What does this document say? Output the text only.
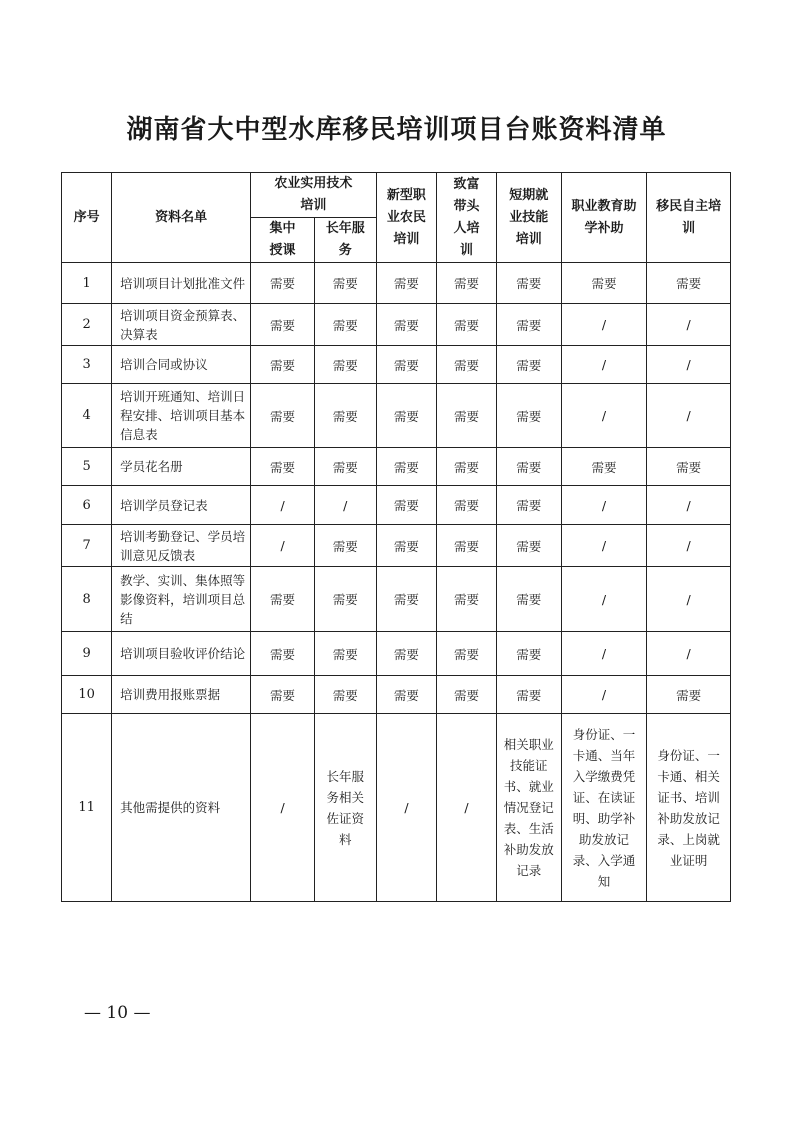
湖南省大中型水库移民培训项目台账资料清单
序号	资料名单	农业实用技术培训		新型职业农民培训	致富带头人培训	短期就业技能培训	职业教育助学补助	移民自主培训
		集中授课	长年服务					
1	培训项目计划批准文件	需要	需要	需要	需要	需要	需要	需要
2	培训项目资金预算表、决算表	需要	需要	需要	需要	需要	/	/
3	培训合同或协议	需要	需要	需要	需要	需要	/	/
4	培训开班通知、培训日程安排、培训项目基本信息表	需要	需要	需要	需要	需要	/	/
5	学员花名册	需要	需要	需要	需要	需要	需要	需要
6	培训学员登记表	/	/	需要	需要	需要	/	/
7	培训考勤登记、学员培训意见反馈表	/	需要	需要	需要	需要	/	/
8	教学、实训、集体照等影像资料，培训项目总结	需要	需要	需要	需要	需要	/	/
9	培训项目验收评价结论	需要	需要	需要	需要	需要	/	/
10	培训费用报账票据	需要	需要	需要	需要	需要	/	需要
11	其他需提供的资料	/	长年服务相关佐证资料	/	/	相关职业技能证书、就业情况登记表、生活补助发放记录	身份证、一卡通、当年入学缴费凭证、在读证明、助学补助发放记录、入学通知	身份证、一卡通、相关证书、培训补助发放记录、上岗就业证明
— 10 —
